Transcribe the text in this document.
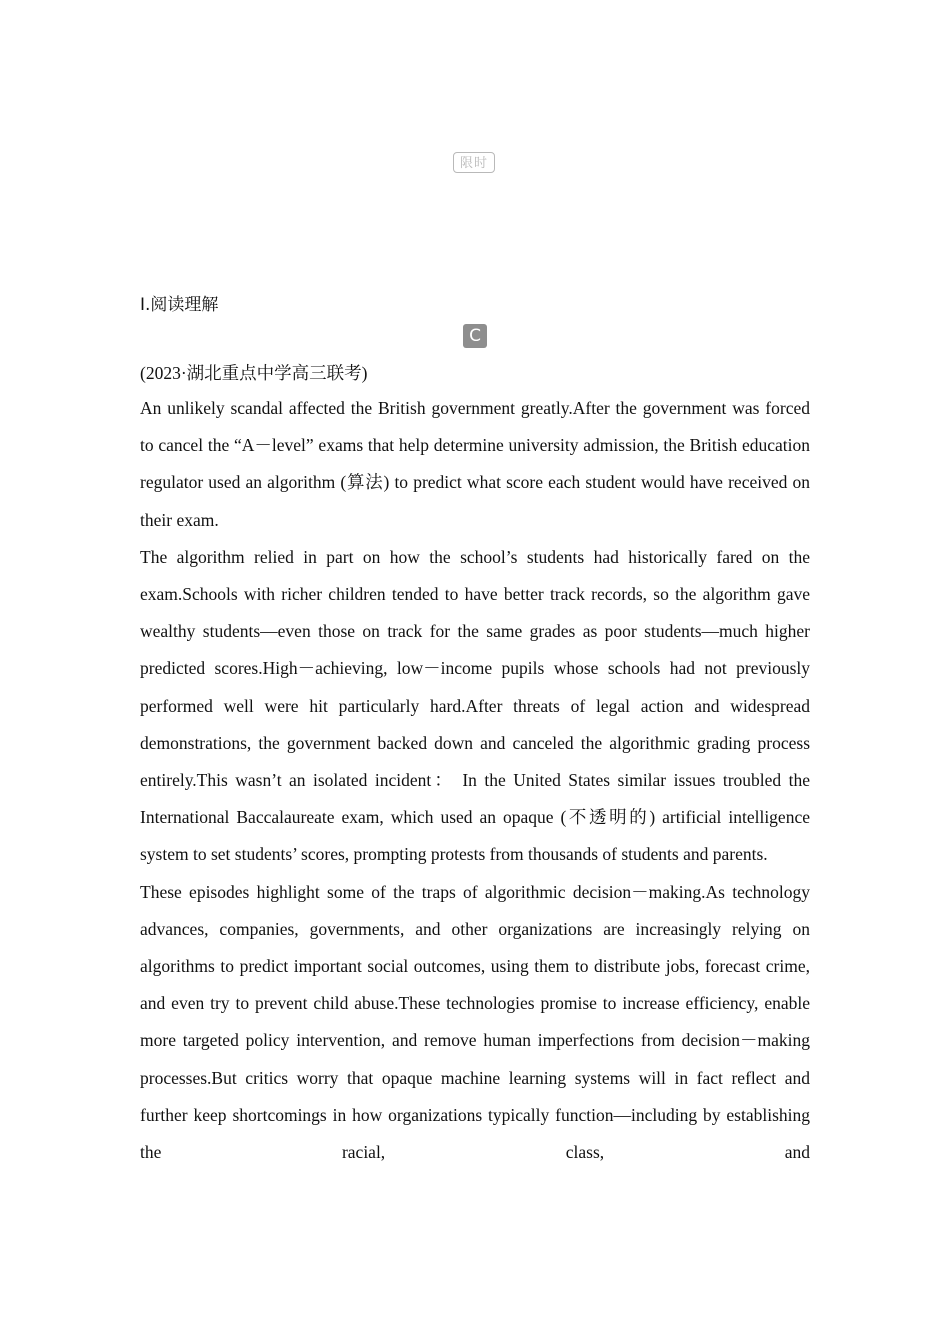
限时
Ⅰ.阅读理解
C
(2023·湖北重点中学高三联考)

An unlikely scandal affected the British government greatly.After the government was forced to cancel the “A－level” exams that help determine university admission, the British education regulator used an algorithm (算法) to predict what score each student would have received on their exam.

The algorithm relied in part on how the school’s students had historically fared on the exam.Schools with richer children tended to have better track records, so the algorithm gave wealthy students—even those on track for the same grades as poor students—much higher predicted scores.High－achieving, low－income pupils whose schools had not previously performed well were hit particularly hard.After threats of legal action and widespread demonstrations, the government backed down and canceled the algorithmic grading process entirely.This wasn’t an isolated incident： In the United States similar issues troubled the International Baccalaureate exam, which used an opaque (不透明的) artificial intelligence system to set students’ scores, prompting protests from thousands of students and parents.

These episodes highlight some of the traps of algorithmic decision－making.As technology advances, companies, governments, and other organizations are increasingly relying on algorithms to predict important social outcomes, using them to distribute jobs, forecast crime, and even try to prevent child abuse.These technologies promise to increase efficiency, enable more targeted policy intervention, and remove human imperfections from decision－making processes.But critics worry that opaque machine learning systems will in fact reflect and further keep shortcomings in how organizations typically function—including by establishing the racial, class, and
